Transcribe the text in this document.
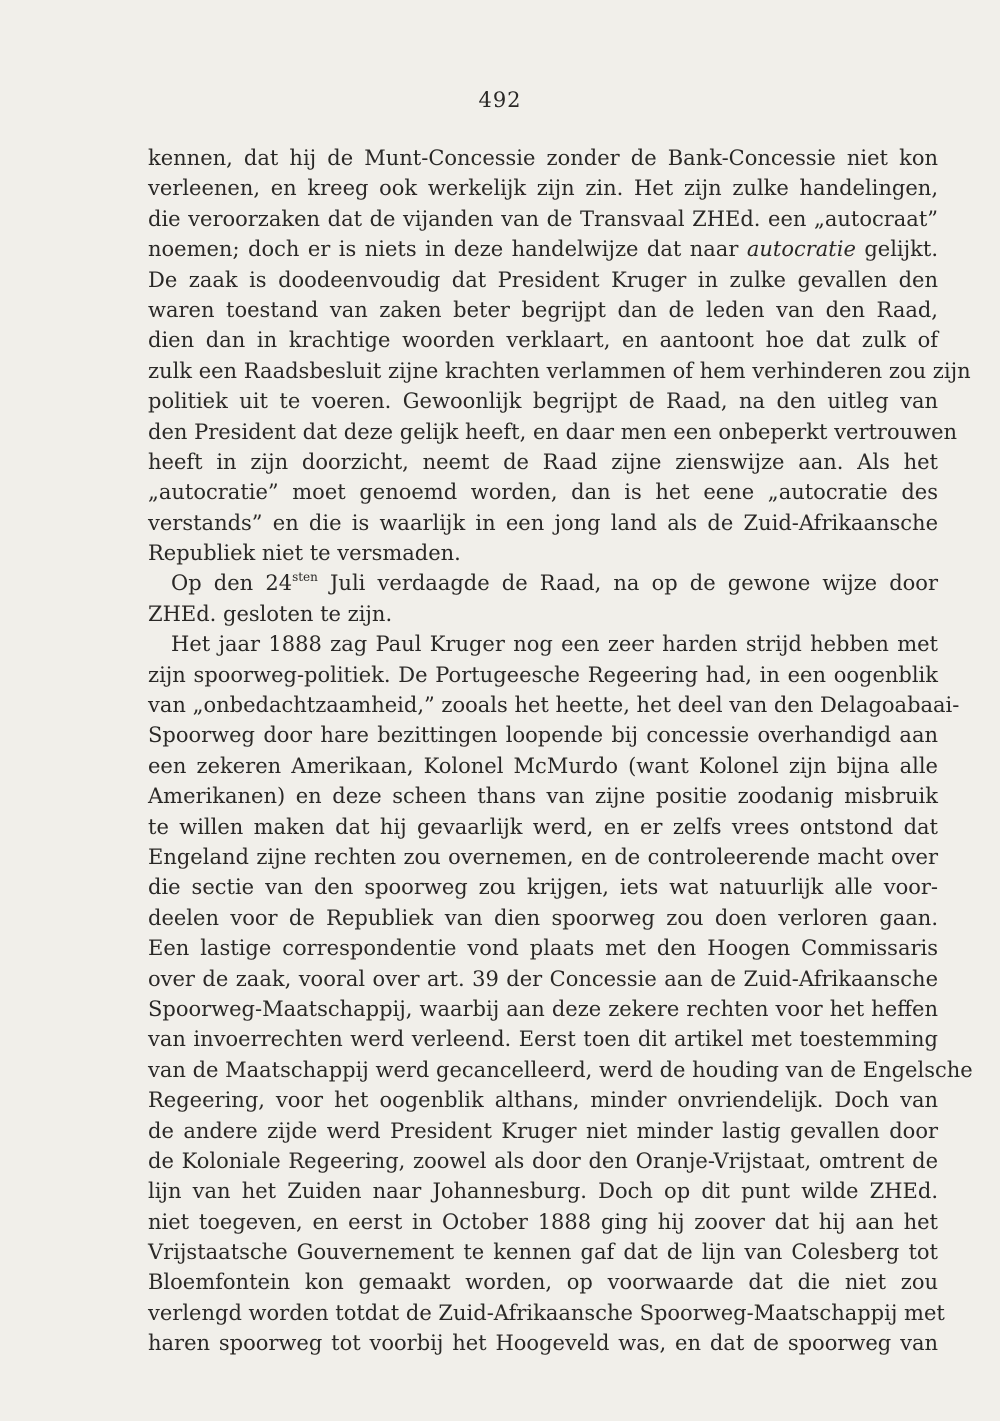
492
kennen, dat hij de Munt-Concessie zonder de Bank-Concessie niet kon
verleenen, en kreeg ook werkelijk zijn zin. Het zijn zulke handelingen,
die veroorzaken dat de vijanden van de Transvaal ZHEd. een „autocraat”
noemen; doch er is niets in deze handelwijze dat naar autocratie gelijkt.
De zaak is doodeenvoudig dat President Kruger in zulke gevallen den
waren toestand van zaken beter begrijpt dan de leden van den Raad,
dien dan in krachtige woorden verklaart, en aantoont hoe dat zulk of
zulk een Raadsbesluit zijne krachten verlammen of hem verhinderen zou zijn
politiek uit te voeren. Gewoonlijk begrijpt de Raad, na den uitleg van
den President dat deze gelijk heeft, en daar men een onbeperkt vertrouwen
heeft in zijn doorzicht, neemt de Raad zijne zienswijze aan. Als het
„autocratie” moet genoemd worden, dan is het eene „autocratie des
verstands” en die is waarlijk in een jong land als de Zuid-Afrikaansche
Republiek niet te versmaden.
Op den $24^{sten}$ Juli verdaagde de Raad, na op de gewone wijze door
ZHEd. gesloten te zijn.
Het jaar 1888 zag Paul Kruger nog een zeer harden strijd hebben met
zijn spoorweg-politiek. De Portugeesche Regeering had, in een oogenblik
van „onbedachtzaamheid,” zooals het heette, het deel van den Delagoabaai-
Spoorweg door hare bezittingen loopende bij concessie overhandigd aan
een zekeren Amerikaan, Kolonel McMurdo (want Kolonel zijn bijna alle
Amerikanen) en deze scheen thans van zijne positie zoodanig misbruik
te willen maken dat hij gevaarlijk werd, en er zelfs vrees ontstond dat
Engeland zijne rechten zou overnemen, en de controleerende macht over
die sectie van den spoorweg zou krijgen, iets wat natuurlijk alle voor-
deelen voor de Republiek van dien spoorweg zou doen verloren gaan.
Een lastige correspondentie vond plaats met den Hoogen Commissaris
over de zaak, vooral over art. 39 der Concessie aan de Zuid-Afrikaansche
Spoorweg-Maatschappij, waarbij aan deze zekere rechten voor het heffen
van invoerrechten werd verleend. Eerst toen dit artikel met toestemming
van de Maatschappij werd gecancelleerd, werd de houding van de Engelsche
Regeering, voor het oogenblik althans, minder onvriendelijk. Doch van
de andere zijde werd President Kruger niet minder lastig gevallen door
de Koloniale Regeering, zoowel als door den Oranje-Vrijstaat, omtrent de
lijn van het Zuiden naar Johannesburg. Doch op dit punt wilde ZHEd.
niet toegeven, en eerst in October 1888 ging hij zoover dat hij aan het
Vrijstaatsche Gouvernement te kennen gaf dat de lijn van Colesberg tot
Bloemfontein kon gemaakt worden, op voorwaarde dat die niet zou
verlengd worden totdat de Zuid-Afrikaansche Spoorweg-Maatschappij met
haren spoorweg tot voorbij het Hoogeveld was, en dat de spoorweg van
